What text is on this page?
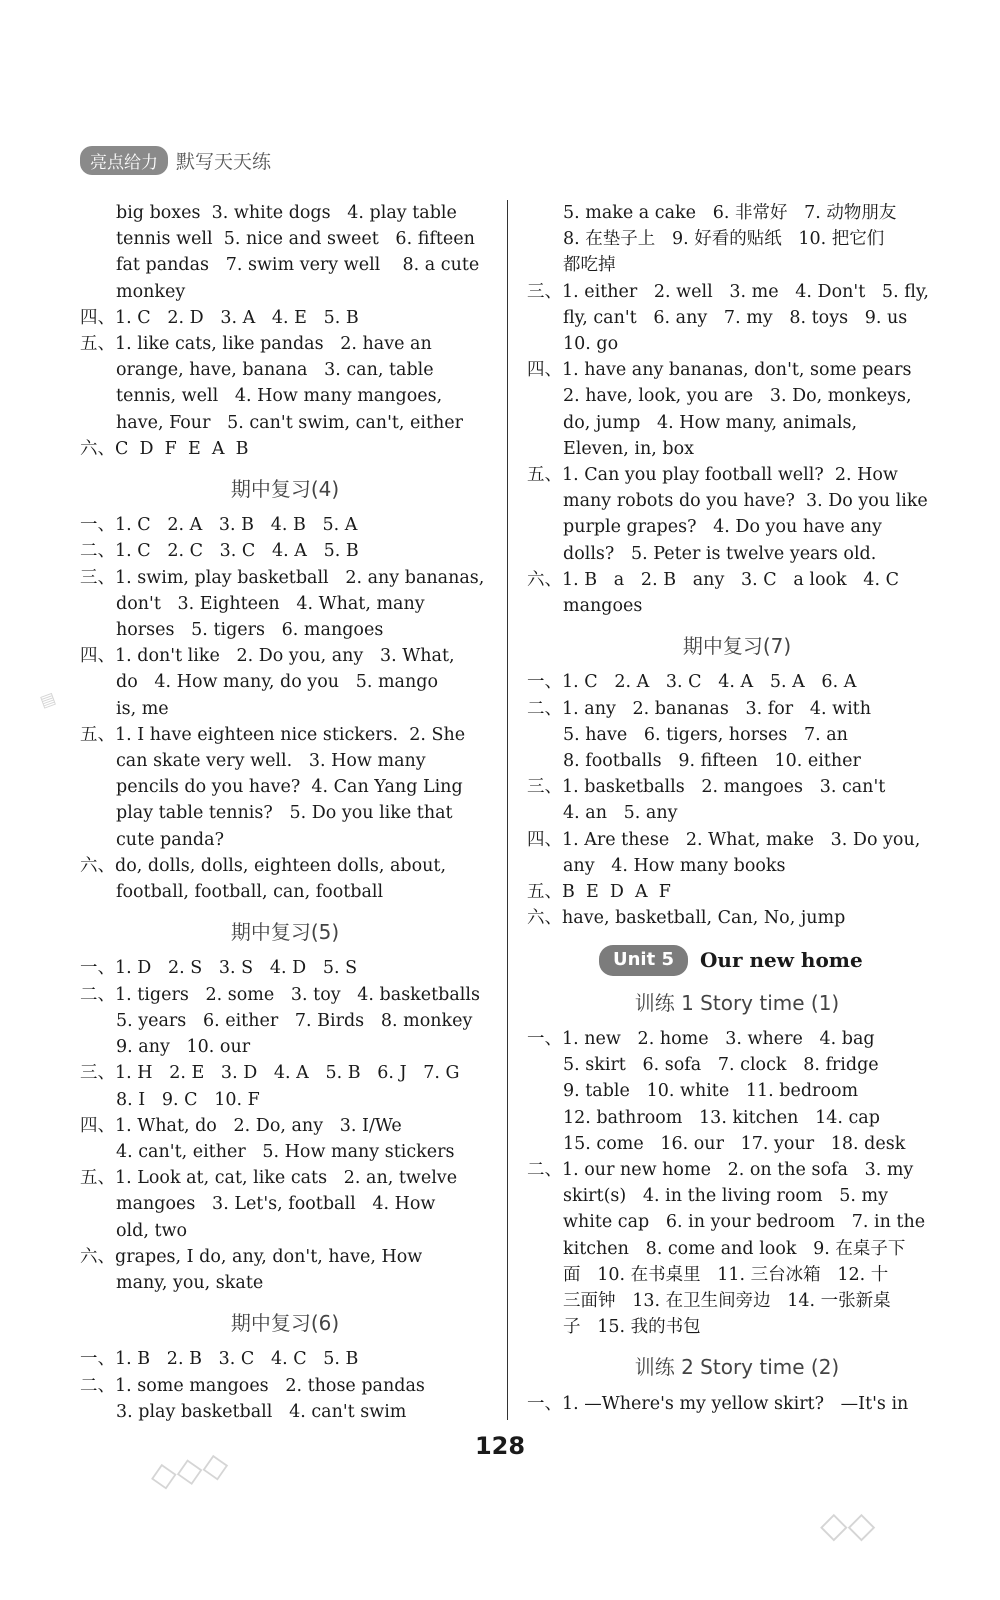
亮点给力 默写天天练
big boxes  3. white dogs   4. play table
tennis well  5. nice and sweet   6. fifteen
fat pandas   7. swim very well    8. a cute
monkey
四、1. C   2. D   3. A   4. E   5. B
五、1. like cats, like pandas   2. have an
orange, have, banana   3. can, table
tennis, well   4. How many mangoes,
have, Four   5. can't swim, can't, either
六、C  D  F  E  A  B
期中复习(4)
一、1. C   2. A   3. B   4. B   5. A
二、1. C   2. C   3. C   4. A   5. B
三、1. swim, play basketball   2. any bananas,
don't   3. Eighteen   4. What, many
horses   5. tigers   6. mangoes
四、1. don't like   2. Do you, any   3. What,
do   4. How many, do you   5. mango
is, me
五、1. I have eighteen nice stickers.  2. She
can skate very well.   3. How many
pencils do you have?  4. Can Yang Ling
play table tennis?   5. Do you like that
cute panda?
六、do, dolls, dolls, eighteen dolls, about,
football, football, can, football
期中复习(5)
一、1. D   2. S   3. S   4. D   5. S
二、1. tigers   2. some   3. toy   4. basketballs
5. years   6. either   7. Birds   8. monkey
9. any   10. our
三、1. H   2. E   3. D   4. A   5. B   6. J   7. G
8. I   9. C   10. F
四、1. What, do   2. Do, any   3. I/We
4. can't, either   5. How many stickers
五、1. Look at, cat, like cats   2. an, twelve
mangoes   3. Let's, football   4. How
old, two
六、grapes, I do, any, don't, have, How
many, you, skate
期中复习(6)
一、1. B   2. B   3. C   4. C   5. B
二、1. some mangoes   2. those pandas
3. play basketball   4. can't swim
5. make a cake   6. 非常好   7. 动物朋友
8. 在垫子上   9. 好看的贴纸   10. 把它们
都吃掉
三、1. either   2. well   3. me   4. Don't   5. fly,
fly, can't   6. any   7. my   8. toys   9. us
10. go
四、1. have any bananas, don't, some pears
2. have, look, you are   3. Do, monkeys,
do, jump   4. How many, animals,
Eleven, in, box
五、1. Can you play football well?  2. How
many robots do you have?  3. Do you like
purple grapes?   4. Do you have any
dolls?   5. Peter is twelve years old.
六、1. B   a   2. B   any   3. C   a look   4. C
mangoes
期中复习(7)
一、1. C   2. A   3. C   4. A   5. A   6. A
二、1. any   2. bananas   3. for   4. with
5. have   6. tigers, horses   7. an
8. footballs   9. fifteen   10. either
三、1. basketballs   2. mangoes   3. can't
4. an   5. any
四、1. Are these   2. What, make   3. Do you,
any   4. How many books
五、B  E  D  A  F
六、have, basketball, Can, No, jump
Unit 5	Our new home
训练 1 Story time (1)
一、1. new   2. home   3. where   4. bag
5. skirt   6. sofa   7. clock   8. fridge
9. table   10. white   11. bedroom
12. bathroom   13. kitchen   14. cap
15. come   16. our   17. your   18. desk
二、1. our new home   2. on the sofa   3. my
skirt(s)   4. in the living room   5. my
white cap   6. in your bedroom   7. in the
kitchen   8. come and look   9. 在桌子下
面   10. 在书桌里   11. 三台冰箱   12. 十
三面钟   13. 在卫生间旁边   14. 一张新桌
子   15. 我的书包
训练 2 Story time (2)
一、1. —Where's my yellow skirt?   —It's in
128
▤
◇◇◇
◇◇
